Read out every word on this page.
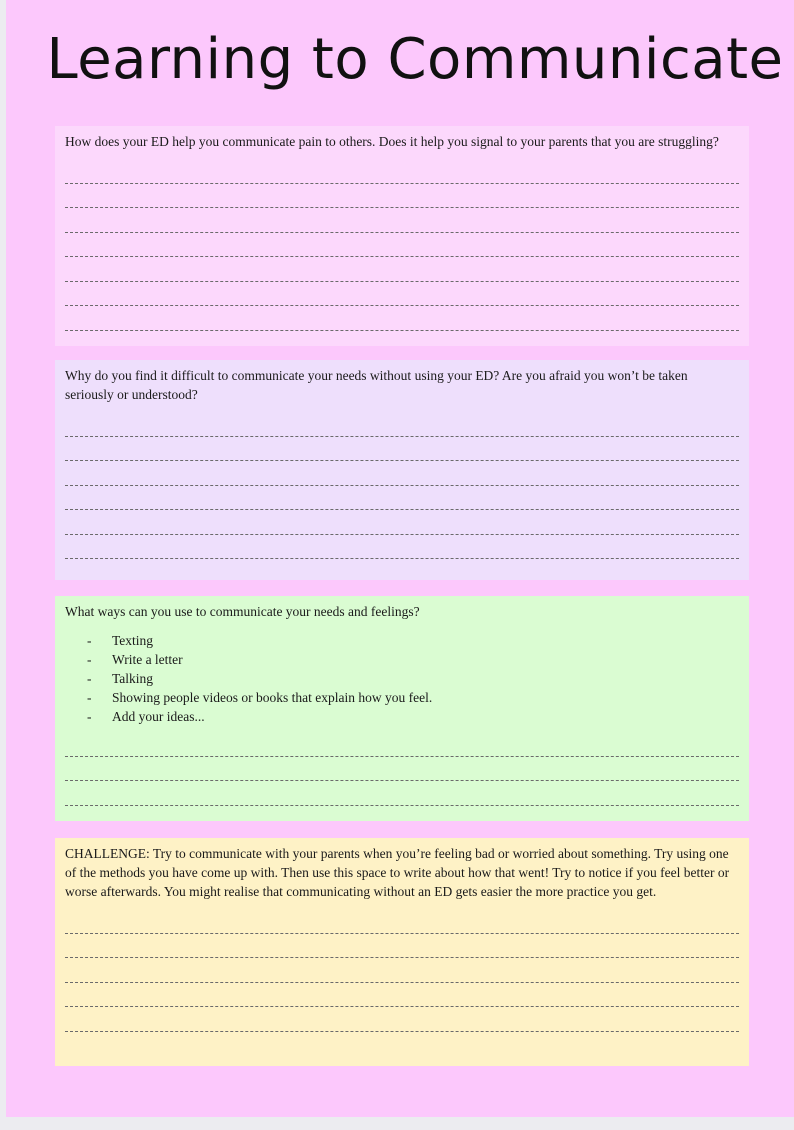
Learning to Communicate

How does your ED help you communicate pain to others. Does it help you signal to your parents that you are struggling?

Why do you find it difficult to communicate your needs without using your ED? Are you afraid you won’t be taken seriously or understood?

What ways can you use to communicate your needs and feelings?

- Texting
- Write a letter
- Talking
- Showing people videos or books that explain how you feel.
- Add your ideas...

CHALLENGE: Try to communicate with your parents when you’re feeling bad or worried about something. Try using one of the methods you have come up with. Then use this space to write about how that went! Try to notice if you feel better or worse afterwards. You might realise that communicating without an ED gets easier the more practice you get.
